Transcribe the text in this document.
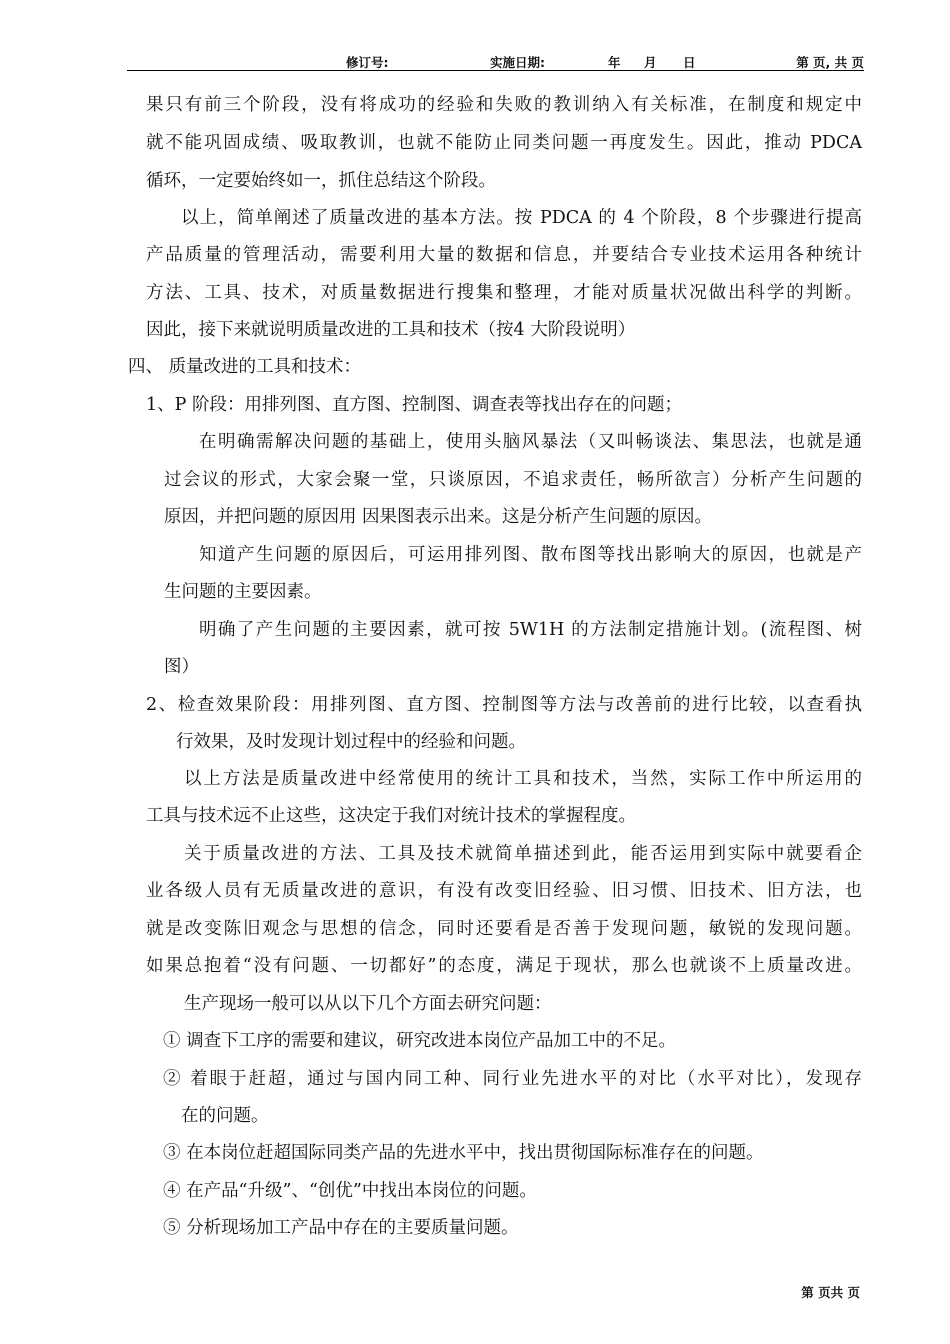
修订号:	实施日期:	年 月 日	第 页, 共 页
果只有前三个阶段，没有将成功的经验和失败的教训纳入有关标准，在制度和规定中
就不能巩固成绩、吸取教训，也就不能防止同类问题一再度发生。因此，推动 PDCA
循环，一定要始终如一，抓住总结这个阶段。
以上，简单阐述了质量改进的基本方法。按 PDCA 的 4 个阶段，8 个步骤进行提高
产品质量的管理活动，需要利用大量的数据和信息，并要结合专业技术运用各种统计
方法、工具、技术，对质量数据进行搜集和整理，才能对质量状况做出科学的判断。
因此，接下来就说明质量改进的工具和技术（按4 大阶段说明）
四、 质量改进的工具和技术：
1、P 阶段：用排列图、直方图、控制图、调查表等找出存在的问题；
在明确需解决问题的基础上，使用头脑风暴法（又叫畅谈法、集思法，也就是通
过会议的形式，大家会聚一堂，只谈原因，不追求责任，畅所欲言）分析产生问题的
原因，并把问题的原因用 因果图表示出来。这是分析产生问题的原因。
知道产生问题的原因后，可运用排列图、散布图等找出影响大的原因，也就是产
生问题的主要因素。
明确了产生问题的主要因素，就可按 5W1H 的方法制定措施计划。(流程图、树
图）
2、检查效果阶段：用排列图、直方图、控制图等方法与改善前的进行比较，以查看执
行效果，及时发现计划过程中的经验和问题。
以上方法是质量改进中经常使用的统计工具和技术，当然，实际工作中所运用的
工具与技术远不止这些，这决定于我们对统计技术的掌握程度。
关于质量改进的方法、工具及技术就简单描述到此，能否运用到实际中就要看企
业各级人员有无质量改进的意识，有没有改变旧经验、旧习惯、旧技术、旧方法，也
就是改变陈旧观念与思想的信念，同时还要看是否善于发现问题，敏锐的发现问题。
如果总抱着“没有问题、一切都好”的态度，满足于现状，那么也就谈不上质量改进。
生产现场一般可以从以下几个方面去研究问题：
① 调查下工序的需要和建议，研究改进本岗位产品加工中的不足。
② 着眼于赶超，通过与国内同工种、同行业先进水平的对比（水平对比），发现存
在的问题。
③ 在本岗位赶超国际同类产品的先进水平中，找出贯彻国际标准存在的问题。
④ 在产品“升级”、“创优”中找出本岗位的问题。
⑤ 分析现场加工产品中存在的主要质量问题。
第 页共 页
